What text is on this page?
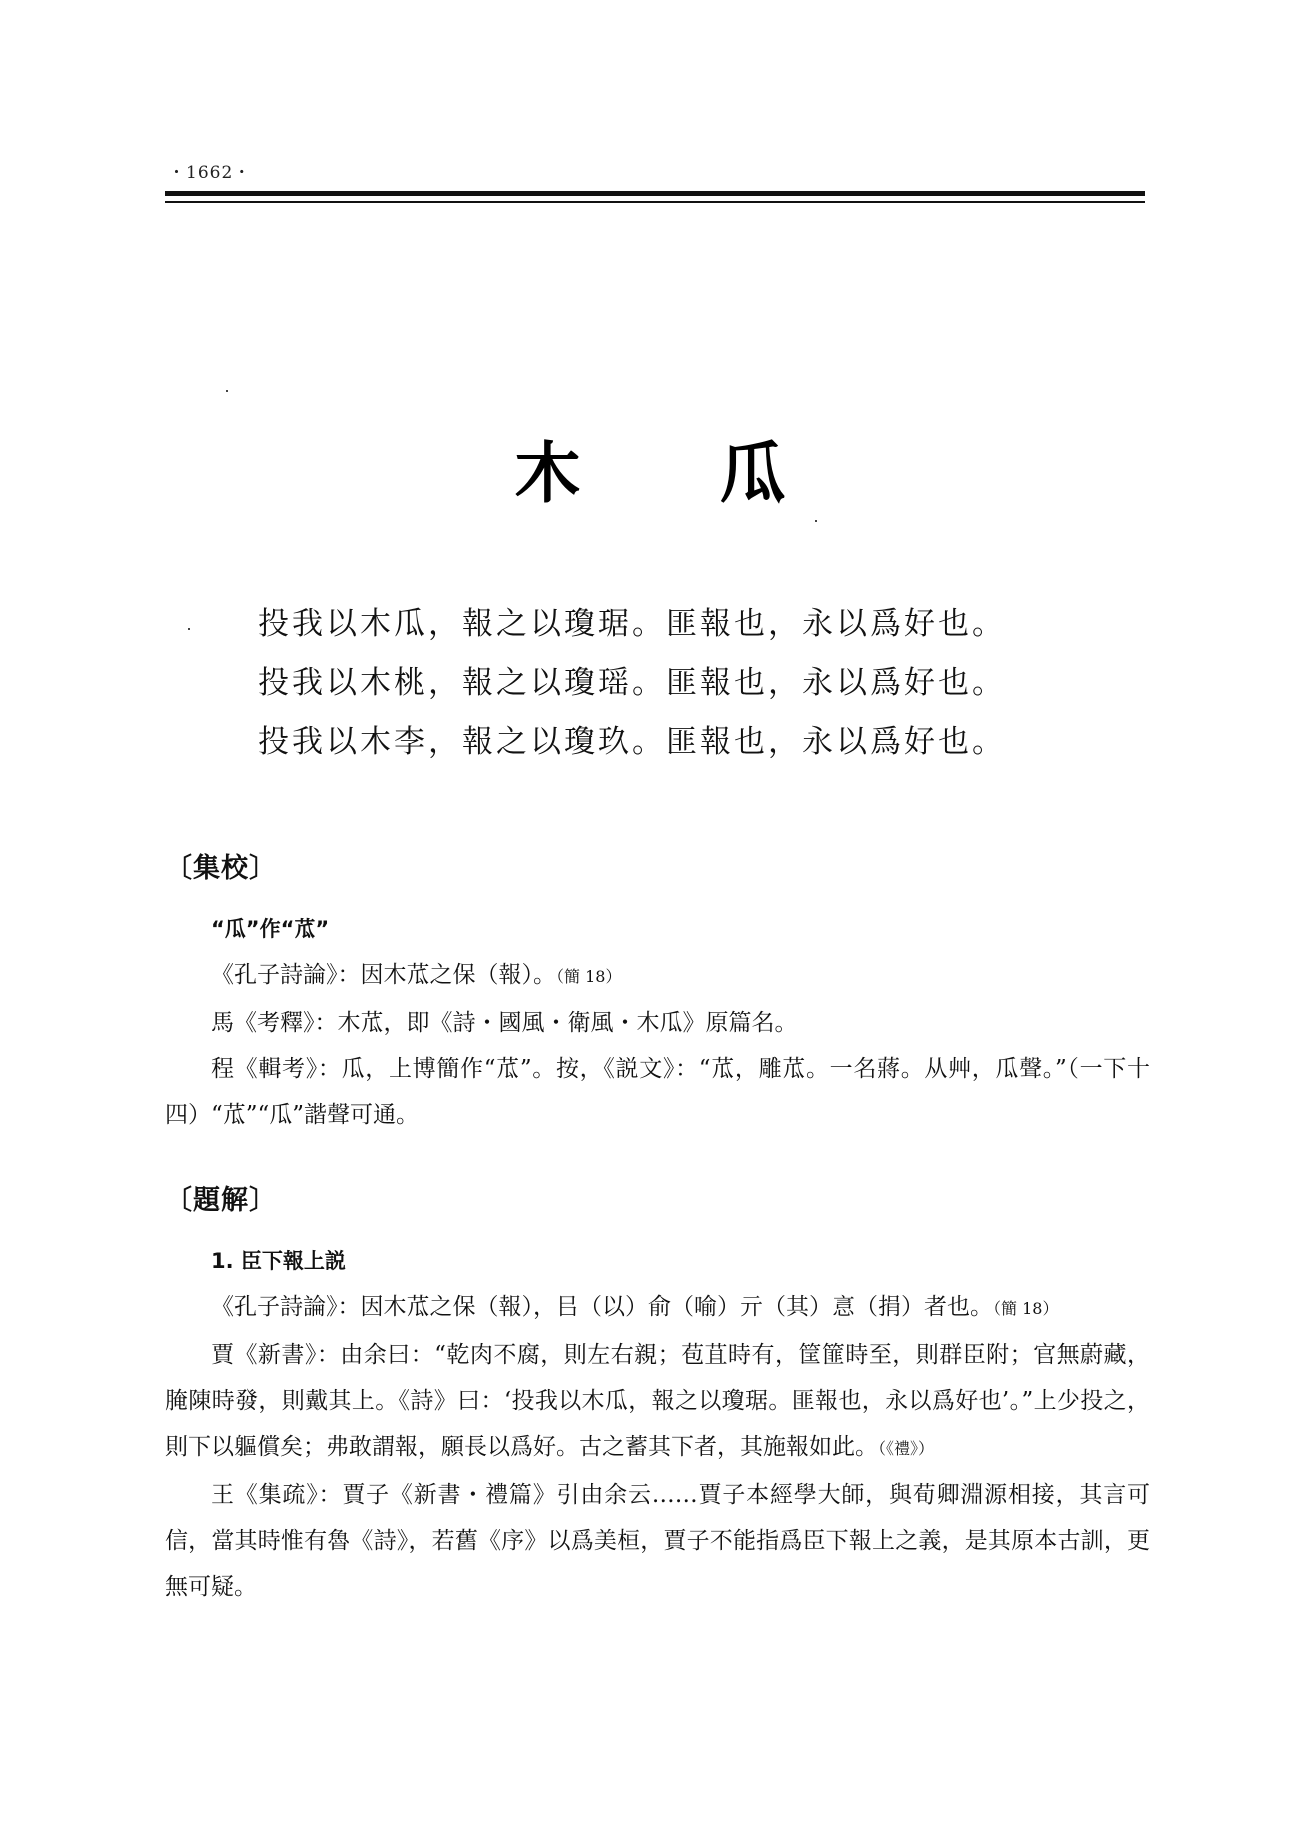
・1662・
木 瓜
投我以木瓜，報之以瓊琚。匪報也，永以爲好也。
投我以木桃，報之以瓊瑶。匪報也，永以爲好也。
投我以木李，報之以瓊玖。匪報也，永以爲好也。
〔集校〕
“瓜”作“苽”

《孔子詩論》：因木苽之保（報）。（簡 18）

馬《考釋》：木苽，即《詩・國風・衛風・木瓜》原篇名。

程《輯考》：瓜，上博簡作“苽”。按，《説文》：“苽，雕苽。一名蔣。从艸，瓜聲。”（一下十四）“苽”“瓜”諧聲可通。

〔題解〕
1. 臣下報上説

《孔子詩論》：因木苽之保（報），㠯（以）俞（喻）亓（其）悥（捐）者也。（簡 18）

賈《新書》：由余曰：“乾肉不腐，則左右親；苞苴時有，筐篚時至，則群臣附；官無蔚藏，腌陳時發，則戴其上。《詩》曰：‘投我以木瓜，報之以瓊琚。匪報也，永以爲好也’。”上少投之，則下以軀償矣；弗敢謂報，願長以爲好。古之蓄其下者，其施報如此。（《禮》）

王《集疏》：賈子《新書・禮篇》引由余云……賈子本經學大師，與荀卿淵源相接，其言可信，當其時惟有魯《詩》，若舊《序》以爲美桓，賈子不能指爲臣下報上之義，是其原本古訓，更無可疑。
